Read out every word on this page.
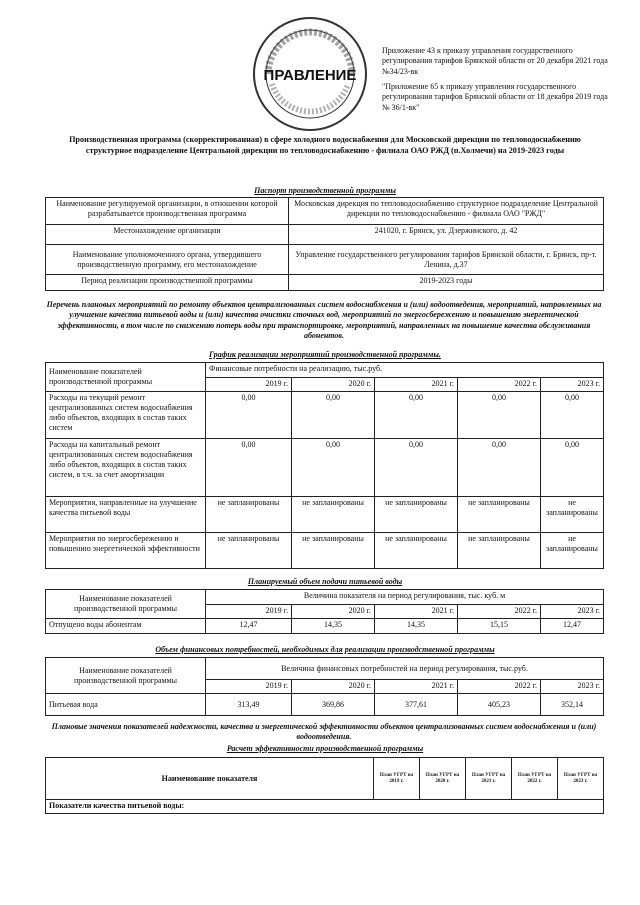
ПРАВЛЕНИЕ
Приложение 43 к приказу управления государственного регулирования тарифов Брянской области от 20 декабря 2021 года №34/23-вк
"Приложение 65 к приказу управления государственного регулирования тарифов Брянской области от 18 декабря 2019 года № 36/1-вк"
Производственная программа (скорректированная) в сфере холодного водоснабжения для Московской дирекции по тепловодоснабжению структурное подразделение Центральной дирекции по тепловодоснабжению - филиала ОАО РЖД (п.Холмечи) на 2019-2023 годы
Паспорт производственной программы
Наименование регулируемой организации, в отношении которой разрабатывается производственная программа	Московская дирекция по тепловодоснабжению структурное подразделение Центральной дирекции по тепловодоснабжению - филиала ОАО "РЖД"
Местонахождение организации	241020, г. Брянск, ул. Дзержинского, д. 42
Наименование уполномоченного органа, утвердившего производственную программу, его местонахождение	Управление государственного регулирования тарифов Брянской области, г. Брянск, пр-т. Ленина, д.37
Период реализации производственной программы	2019-2023 годы
Перечень плановых мероприятий по ремонту объектов централизованных систем водоснабжения и (или) водоотведения, мероприятий, направленных на улучшение качества питьевой воды и (или) качества очистки сточных вод, мероприятий по энергосбережению и повышению энергетической эффективности, в том числе по снижению потерь воды при транспортировке, мероприятий, направленных на повышение качества обслуживания абонентов.
График реализации мероприятий производственной программы.
Наименование показателей производственной программы	Финансовые потребности на реализацию, тыс.руб.				
	2019 г.	2020 г.	2021 г.	2022 г.	2023 г.
Расходы на текущий ремонт централизованных систем водоснабжения либо объектов, входящих в состав таких систем	0,00	0,00	0,00	0,00	0,00
Расходы на капитальный ремонт централизованных систем водоснабжения либо объектов, входящих в состав таких систем, в т.ч. за счет амортизации	0,00	0,00	0,00	0,00	0,00
Мероприятия, направленные на улучшение качества питьевой воды	не запланированы	не запланированы	не запланированы	не запланированы	не запланированы
Мероприятия по энергосбережению и повышению энергетической эффективности	не запланированы	не запланированы	не запланированы	не запланированы	не запланированы
Планируемый объем подачи питьевой воды
Наименование показателей производственной программы	Величина показателя на период регулирования, тыс. куб. м				
	2019 г.	2020 г.	2021 г.	2022 г.	2023 г.
Отпущено воды абонентам	12,47	14,35	14,35	15,15	12,47
Объем финансовых потребностей, необходимых для реализации производственной программы
Наименование показателей производственной программы	Величина финансовых потребностей на период регулирования, тыс.руб.				
	2019 г.	2020 г.	2021 г.	2022 г.	2023 г.
Питьевая вода	313,49	369,86	377,61	405,23	352,14
Плановые значения показателей надежности, качества и энергетической эффективности объектов централизованных систем водоснабжения и (или) водоотведения.
Расчет эффективности производственной программы
Наименование показателя	План УГРТ на 2019 г.	План УГРТ на 2020 г.	План УГРТ на 2021 г.	План УГРТ на 2022 г.	План УГРТ на 2023 г.
Показатели качества питьевой воды:
